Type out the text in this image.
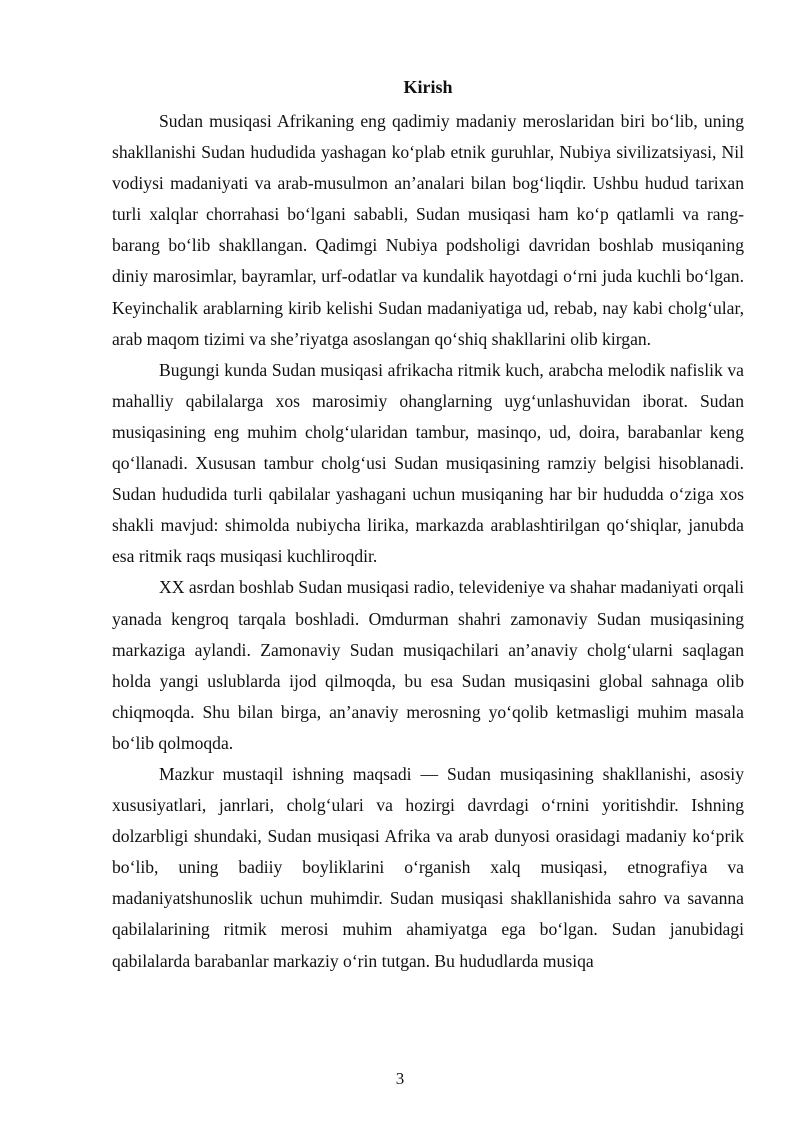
Kirish

Sudan musiqasi Afrikaning eng qadimiy madaniy meroslaridan biri bo‘lib, uning shakllanishi Sudan hududida yashagan ko‘plab etnik guruhlar, Nubiya sivilizatsiyasi, Nil vodiysi madaniyati va arab-musulmon an’analari bilan bog‘liqdir. Ushbu hudud tarixan turli xalqlar chorrahasi bo‘lgani sababli, Sudan musiqasi ham ko‘p qatlamli va rang-barang bo‘lib shakllangan. Qadimgi Nubiya podsholigi davridan boshlab musiqaning diniy marosimlar, bayramlar, urf-odatlar va kundalik hayotdagi o‘rni juda kuchli bo‘lgan. Keyinchalik arablarning kirib kelishi Sudan madaniyatiga ud, rebab, nay kabi cholg‘ular, arab maqom tizimi va she’riyatga asoslangan qo‘shiq shakllarini olib kirgan.

Bugungi kunda Sudan musiqasi afrikacha ritmik kuch, arabcha melodik nafislik va mahalliy qabilalarga xos marosimiy ohanglarning uyg‘unlashuvidan iborat. Sudan musiqasining eng muhim cholg‘ularidan tambur, masinqo, ud, doira, barabanlar keng qo‘llanadi. Xususan tambur cholg‘usi Sudan musiqasining ramziy belgisi hisoblanadi. Sudan hududida turli qabilalar yashagani uchun musiqaning har bir hududda o‘ziga xos shakli mavjud: shimolda nubiycha lirika, markazda arablashtirilgan qo‘shiqlar, janubda esa ritmik raqs musiqasi kuchliroqdir.

XX asrdan boshlab Sudan musiqasi radio, televideniye va shahar madaniyati orqali yanada kengroq tarqala boshladi. Omdurman shahri zamonaviy Sudan musiqasining markaziga aylandi. Zamonaviy Sudan musiqachilari an’anaviy cholg‘ularni saqlagan holda yangi uslublarda ijod qilmoqda, bu esa Sudan musiqasini global sahnaga olib chiqmoqda. Shu bilan birga, an’anaviy merosning yo‘qolib ketmasligi muhim masala bo‘lib qolmoqda.

Mazkur mustaqil ishning maqsadi — Sudan musiqasining shakllanishi, asosiy xususiyatlari, janrlari, cholg‘ulari va hozirgi davrdagi o‘rnini yoritishdir. Ishning dolzarbligi shundaki, Sudan musiqasi Afrika va arab dunyosi orasidagi madaniy ko‘prik bo‘lib, uning badiiy boyliklarini o‘rganish xalq musiqasi, etnografiya va madaniyatshunoslik uchun muhimdir. Sudan musiqasi shakllanishida sahro va savanna qabilalarining ritmik merosi muhim ahamiyatga ega bo‘lgan. Sudan janubidagi qabilalarda barabanlar markaziy o‘rin tutgan. Bu hududlarda musiqa

3
